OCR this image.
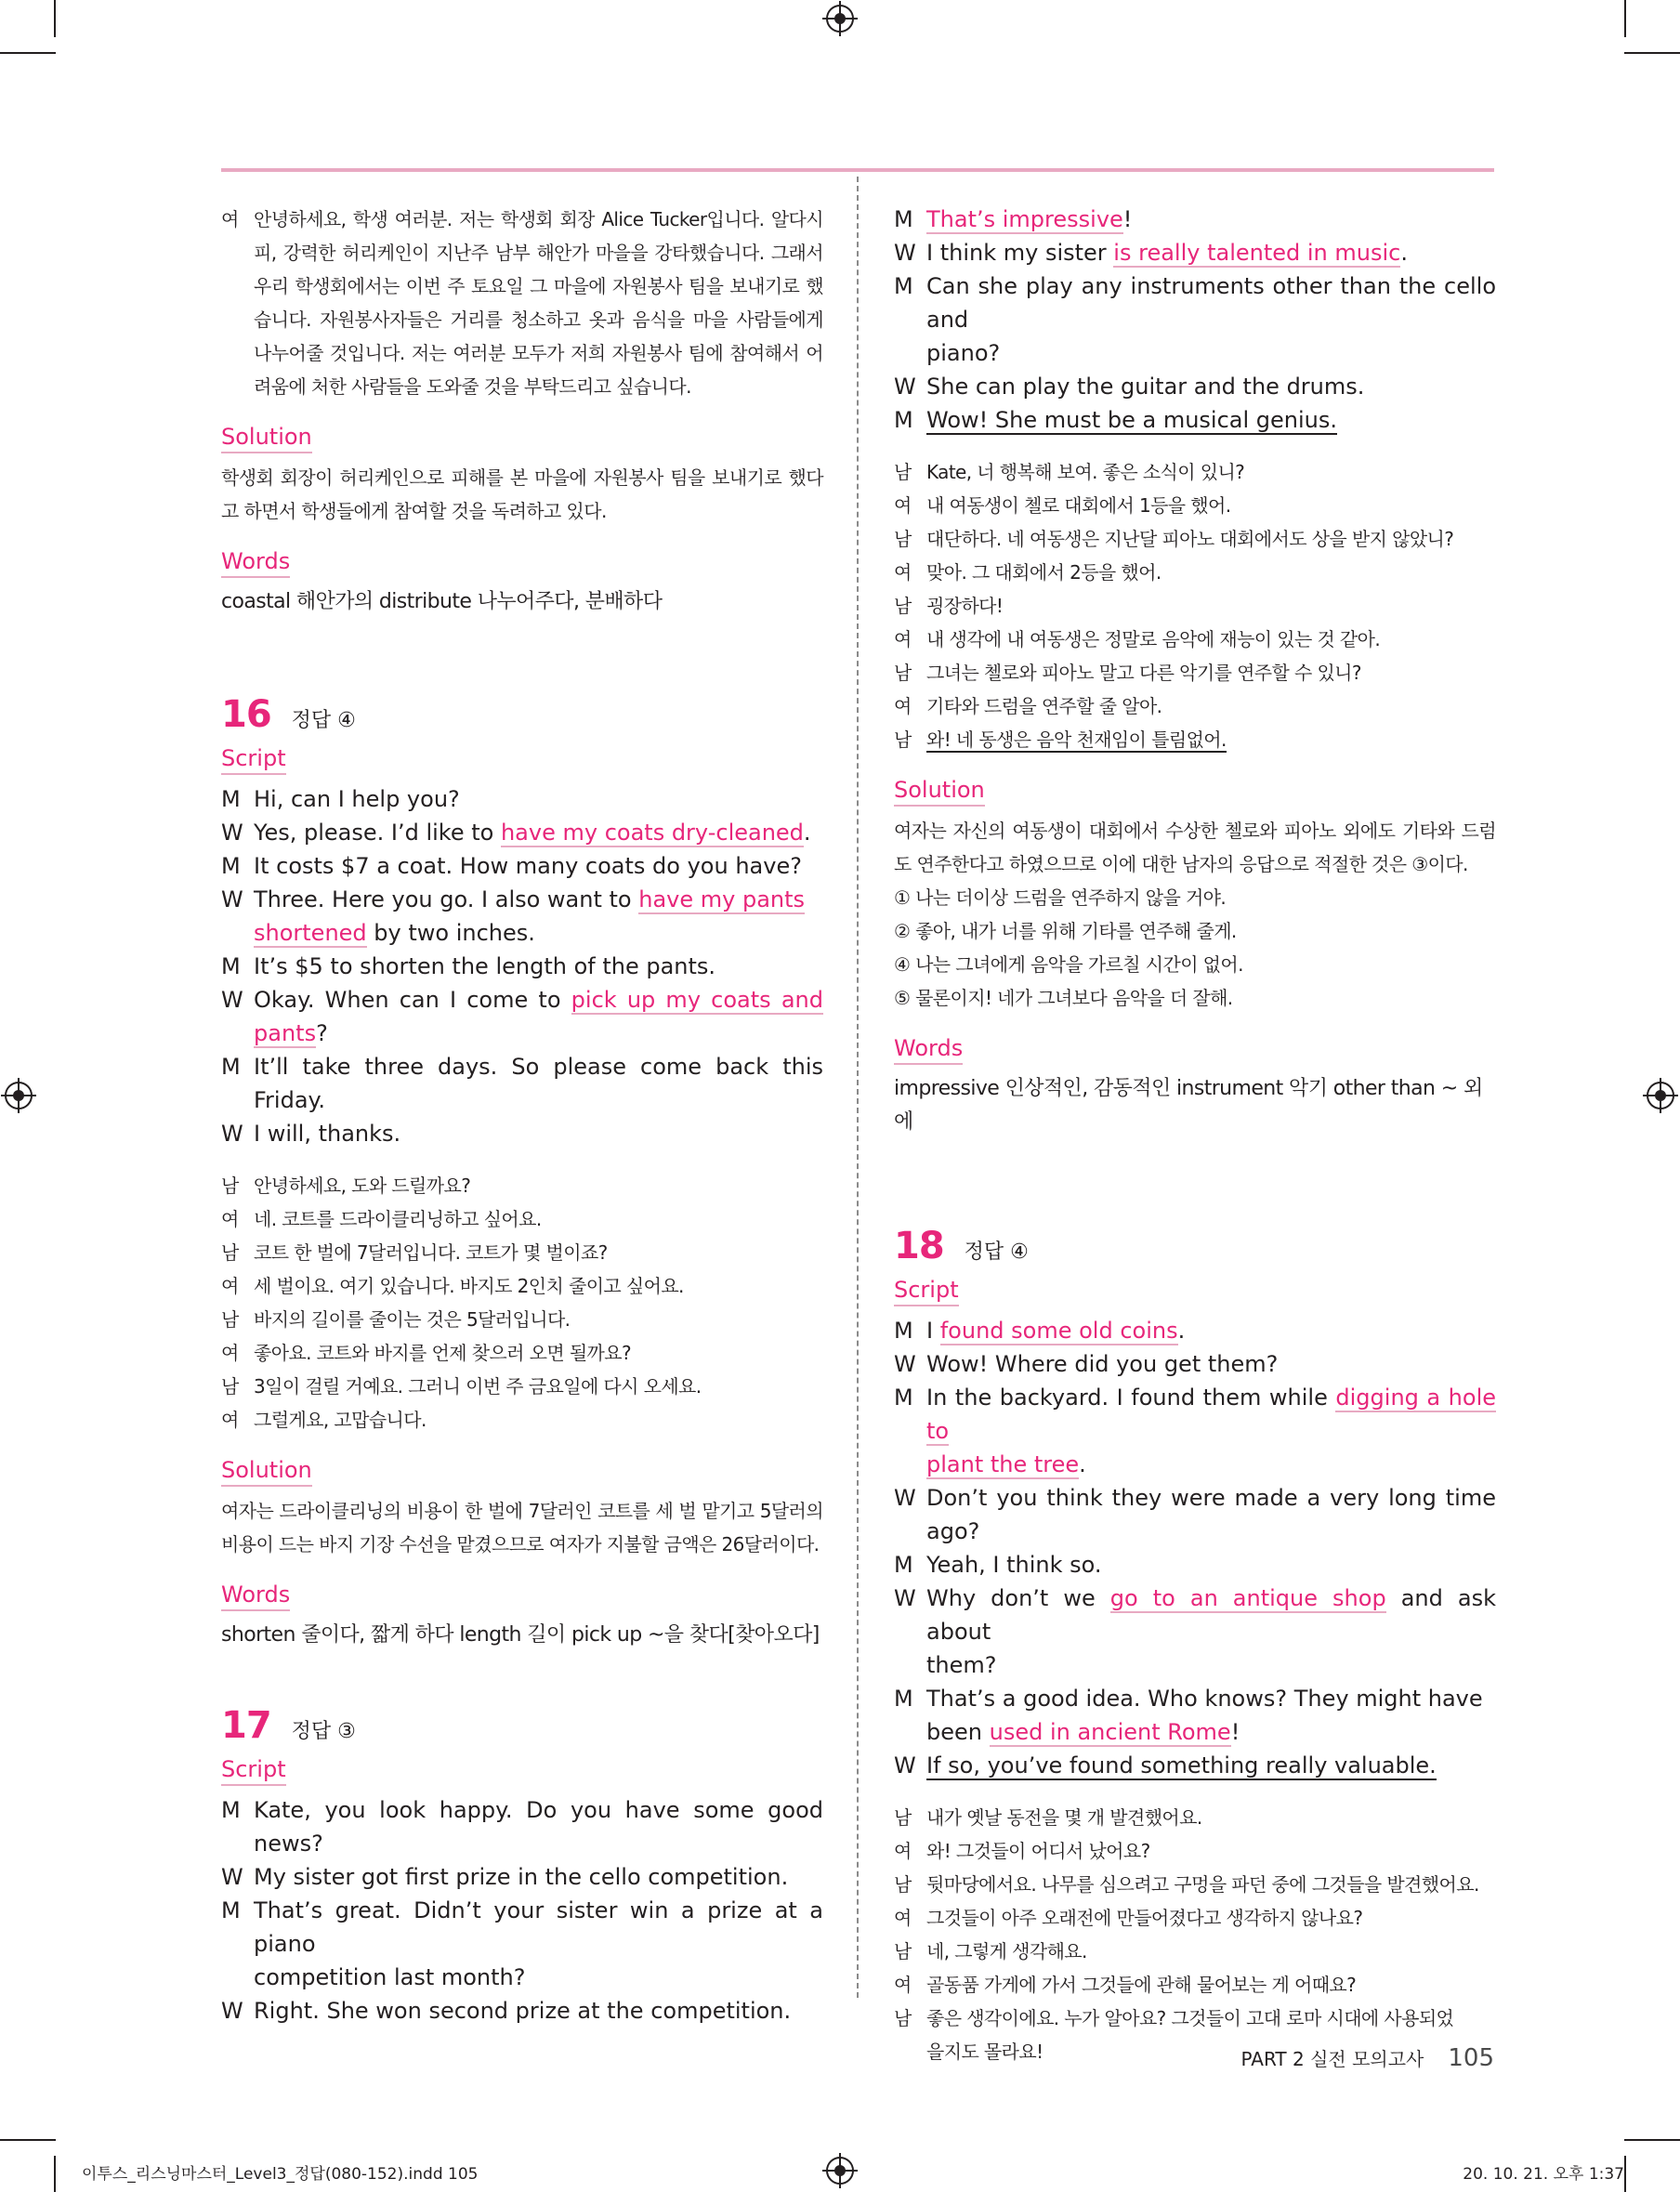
여 안녕하세요, 학생 여러분. 저는 학생회 회장 Alice Tucker입니다. 알다시피, 강력한 허리케인이 지난주 남부 해안가 마을을 강타했습니다. 그래서 우리 학생회에서는 이번 주 토요일 그 마을에 자원봉사 팀을 보내기로 했습니다. 자원봉사자들은 거리를 청소하고 옷과 음식을 마을 사람들에게 나누어줄 것입니다. 저는 여러분 모두가 저희 자원봉사 팀에 참여해서 어려움에 처한 사람들을 도와줄 것을 부탁드리고 싶습니다.
Solution
학생회 회장이 허리케인으로 피해를 본 마을에 자원봉사 팀을 보내기로 했다고 하면서 학생들에게 참여할 것을 독려하고 있다.
Words
coastal 해안가의 distribute 나누어주다, 분배하다
16 정답 ④
Script
M Hi, can I help you?
W Yes, please. I’d like to have my coats dry-cleaned.
M It costs $7 a coat. How many coats do you have?
W Three. Here you go. I also want to have my pants
shortened by two inches.
M It’s $5 to shorten the length of the pants.
W Okay. When can I come to pick up my coats and pants?
M It’ll take three days. So please come back this Friday.
W I will, thanks.
남 안녕하세요, 도와 드릴까요?
여 네. 코트를 드라이클리닝하고 싶어요.
남 코트 한 벌에 7달러입니다. 코트가 몇 벌이죠?
여 세 벌이요. 여기 있습니다. 바지도 2인치 줄이고 싶어요.
남 바지의 길이를 줄이는 것은 5달러입니다.
여 좋아요. 코트와 바지를 언제 찾으러 오면 될까요?
남 3일이 걸릴 거예요. 그러니 이번 주 금요일에 다시 오세요.
여 그럴게요, 고맙습니다.
Solution
여자는 드라이클리닝의 비용이 한 벌에 7달러인 코트를 세 벌 맡기고 5달러의 비용이 드는 바지 기장 수선을 맡겼으므로 여자가 지불할 금액은 26달러이다.
Words
shorten 줄이다, 짧게 하다 length 길이 pick up ~을 찾다[찾아오다]
17 정답 ③
Script
M Kate, you look happy. Do you have some good news?
W My sister got first prize in the cello competition.
M That’s great. Didn’t your sister win a prize at a piano
competition last month?
W Right. She won second prize at the competition.
M That’s impressive!
W I think my sister is really talented in music.
M Can she play any instruments other than the cello and
piano?
W She can play the guitar and the drums.
M Wow! She must be a musical genius.
남 Kate, 너 행복해 보여. 좋은 소식이 있니?
여 내 여동생이 첼로 대회에서 1등을 했어.
남 대단하다. 네 여동생은 지난달 피아노 대회에서도 상을 받지 않았니?
여 맞아. 그 대회에서 2등을 했어.
남 굉장하다!
여 내 생각에 내 여동생은 정말로 음악에 재능이 있는 것 같아.
남 그녀는 첼로와 피아노 말고 다른 악기를 연주할 수 있니?
여 기타와 드럼을 연주할 줄 알아.
남 와! 네 동생은 음악 천재임이 틀림없어.
Solution
여자는 자신의 여동생이 대회에서 수상한 첼로와 피아노 외에도 기타와 드럼도 연주한다고 하였으므로 이에 대한 남자의 응답으로 적절한 것은 ③이다.
① 나는 더이상 드럼을 연주하지 않을 거야.
② 좋아, 내가 너를 위해 기타를 연주해 줄게.
④ 나는 그녀에게 음악을 가르칠 시간이 없어.
⑤ 물론이지! 네가 그녀보다 음악을 더 잘해.
Words
impressive 인상적인, 감동적인 instrument 악기 other than ~ 외에
18 정답 ④
Script
M I found some old coins.
W Wow! Where did you get them?
M In the backyard. I found them while digging a hole to
plant the tree.
W Don’t you think they were made a very long time ago?
M Yeah, I think so.
W Why don’t we go to an antique shop and ask about
them?
M That’s a good idea. Who knows? They might have
been used in ancient Rome!
W If so, you’ve found something really valuable.
남 내가 옛날 동전을 몇 개 발견했어요.
여 와! 그것들이 어디서 났어요?
남 뒷마당에서요. 나무를 심으려고 구멍을 파던 중에 그것들을 발견했어요.
여 그것들이 아주 오래전에 만들어졌다고 생각하지 않나요?
남 네, 그렇게 생각해요.
여 골동품 가게에 가서 그것들에 관해 물어보는 게 어때요?
남 좋은 생각이에요. 누가 알아요? 그것들이 고대 로마 시대에 사용되었
을지도 몰라요!	PART 2 실전 모의고사 105
이투스_리스닝마스터_Level3_정답(080-152).indd 105	20. 10. 21. 오후 1:37
